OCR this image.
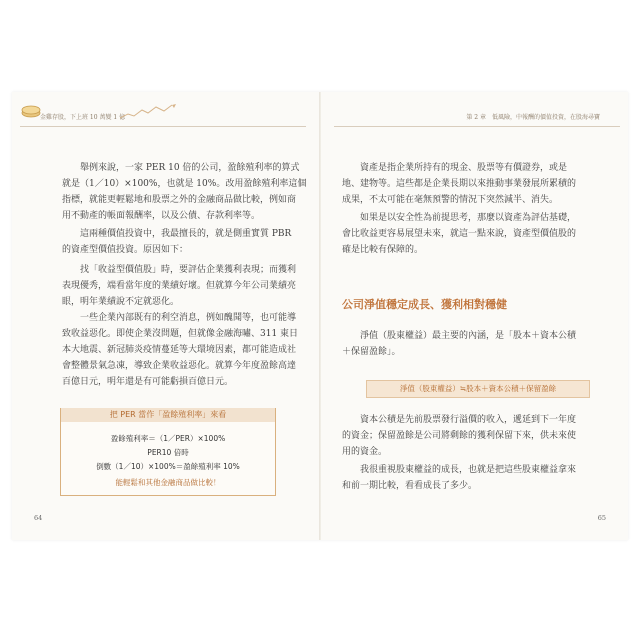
金雞存股，下上班 10 萬變 1 億	第 2 章　低風險，中報酬的價值投資，在股海尋寶
舉例來說，一家 PER 10 倍的公司，盈餘殖利率的算式
就是（1／10）×100%，也就是 10%。改用盈餘殖利率這個
指標，就能更輕鬆地和股票之外的金融商品做比較，例如商
用不動產的帳面報酬率，以及公債、存款利率等。
這兩種價值投資中，我最擅長的，就是側重實質 PBR
的資產型價值投資。原因如下：
找「收益型價值股」時，要評估企業獲利表現；而獲利
表現優秀，端看當年度的業績好壞。但就算今年公司業績亮
眼，明年業績說不定就惡化。
一些企業內部既有的利空消息，例如醜聞等，也可能導
致收益惡化。即使企業沒問題，但就像金融海嘯、311 東日
本大地震、新冠肺炎疫情蔓延等大環境因素，都可能造成社
會整體景氣急凍，導致企業收益惡化。就算今年度盈餘高達
百億日元，明年還是有可能虧損百億日元。
把 PER 當作「盈餘殖利率」來看
盈餘殖利率＝（1／PER）×100%
PER10 倍時
倒數（1／10）×100%＝盈餘殖利率 10%
能輕鬆和其他金融商品做比較！
64
資產是指企業所持有的現金、股票等有價證券，或是
地、建物等。這些都是企業長期以來推動事業發展所累積的
成果，不太可能在毫無預警的情況下突然減半、消失。
如果是以安全性為前提思考，那麼以資產為評估基礎，
會比收益更容易展望未來，就這一點來說，資產型價值股的
確是比較有保障的。
公司淨值穩定成長、獲利相對穩健
淨值（股東權益）最主要的內涵，是「股本＋資本公積
＋保留盈餘」。
淨值（股東權益）≒股本＋資本公積＋保留盈餘
資本公積是先前股票發行溢價的收入，遞延到下一年度
的資金；保留盈餘是公司將剩餘的獲利保留下來，供未來使
用的資金。
我很重視股東權益的成長，也就是把這些股東權益拿來
和前一期比較，看看成長了多少。
65
